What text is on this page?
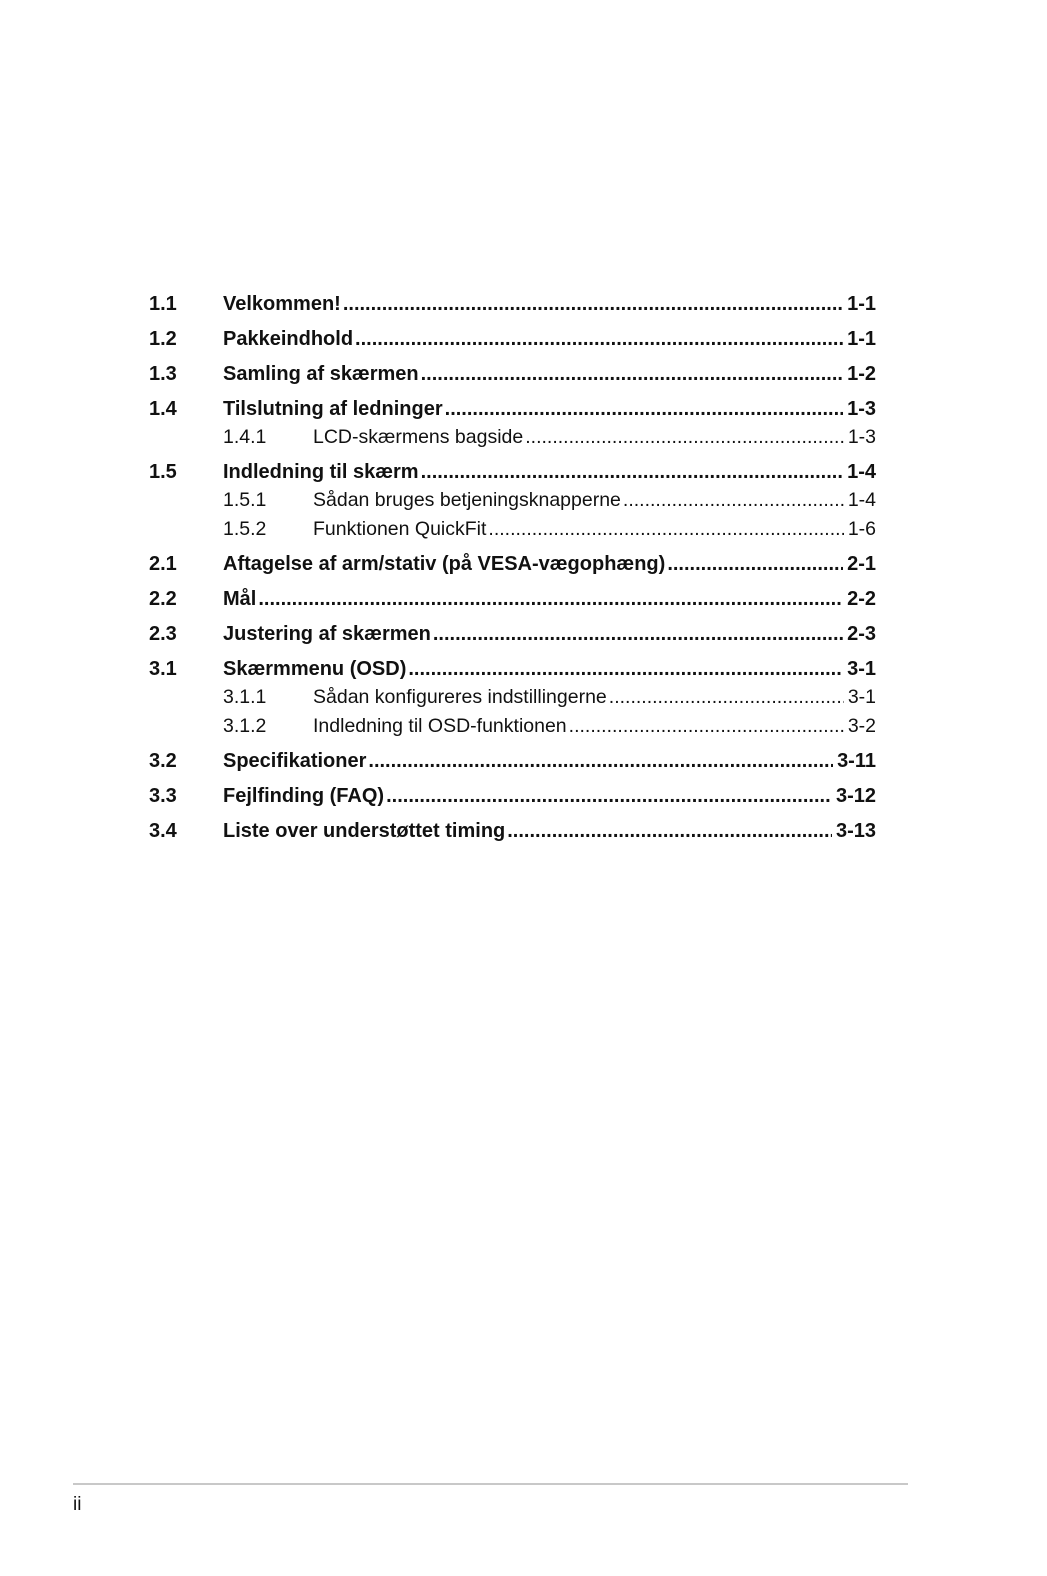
1.1	Velkommen! .....	1-1
1.2	Pakkeindhold .....	1-1
1.3	Samling af skærmen .....	1-2
1.4	Tilslutning af ledninger .....	1-3
1.4.1	LCD-skærmens bagside .....	1-3
1.5	Indledning til skærm .....	1-4
1.5.1	Sådan bruges betjeningsknapperne .....	1-4
1.5.2	Funktionen QuickFit .....	1-6
2.1	Aftagelse af arm/stativ (på VESA-vægophæng) .....	2-1
2.2	Mål .....	2-2
2.3	Justering af skærmen .....	2-3
3.1	Skærmmenu (OSD) .....	3-1
3.1.1	Sådan konfigureres indstillingerne .....	3-1
3.1.2	Indledning til OSD-funktionen .....	3-2
3.2	Specifikationer .....	3-11
3.3	Fejlfinding (FAQ) .....	3-12
3.4	Liste over understøttet timing .....	3-13
ii
